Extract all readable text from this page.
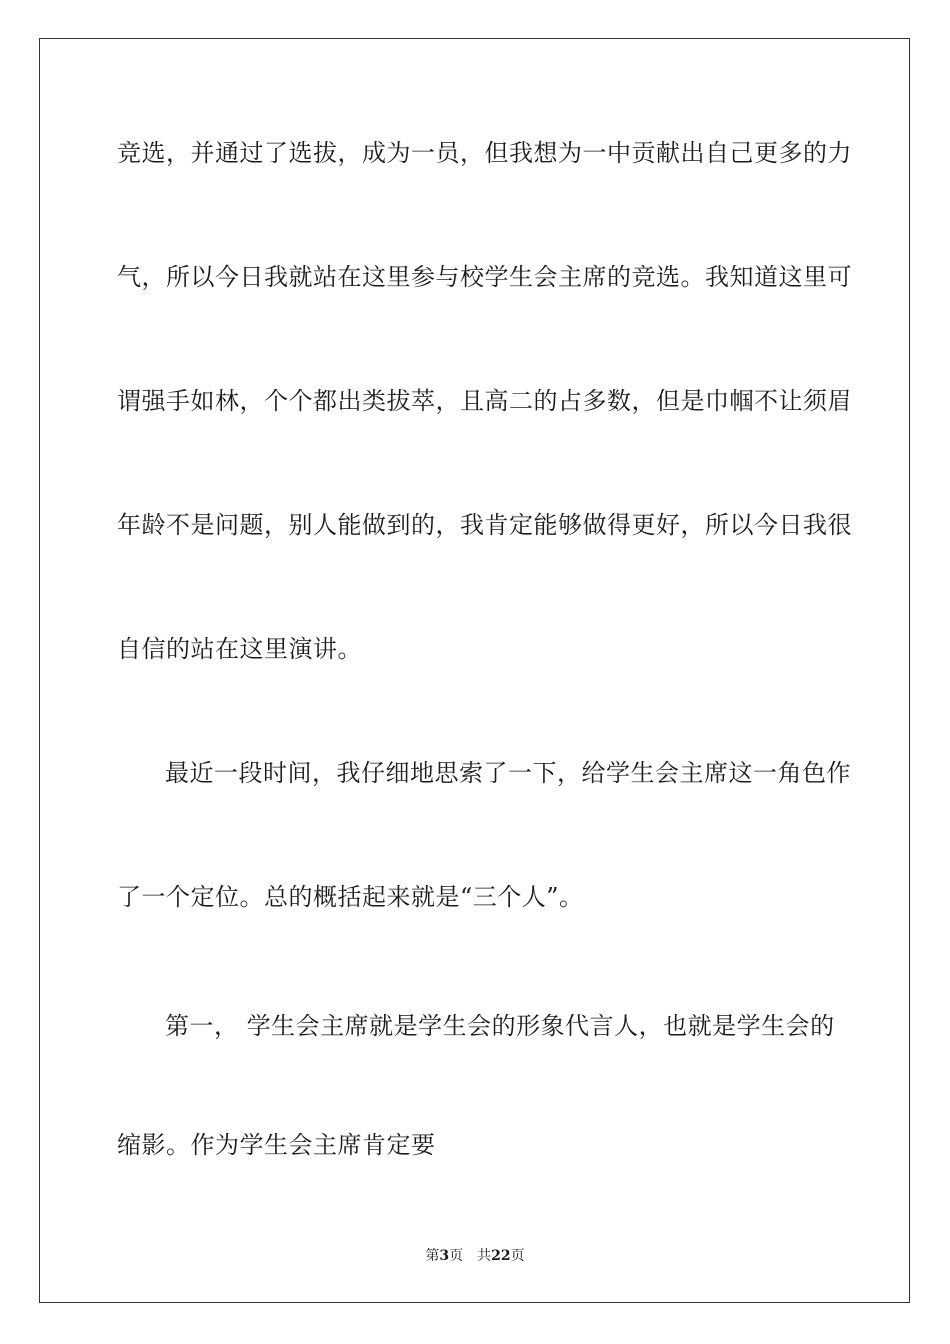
竞选，并通过了选拔，成为一员，但我想为一中贡献出自己更多的力
气，所以今日我就站在这里参与校学生会主席的竞选。我知道这里可
谓强手如林，个个都出类拔萃，且高二的占多数，但是巾帼不让须眉
年龄不是问题，别人能做到的，我肯定能够做得更好，所以今日我很
自信的站在这里演讲。
最近一段时间，我仔细地思索了一下，给学生会主席这一角色作
了一个定位。总的概括起来就是“三个人”。
第一， 学生会主席就是学生会的形象代言人，也就是学生会的
缩影。作为学生会主席肯定要
第3页 共22页
